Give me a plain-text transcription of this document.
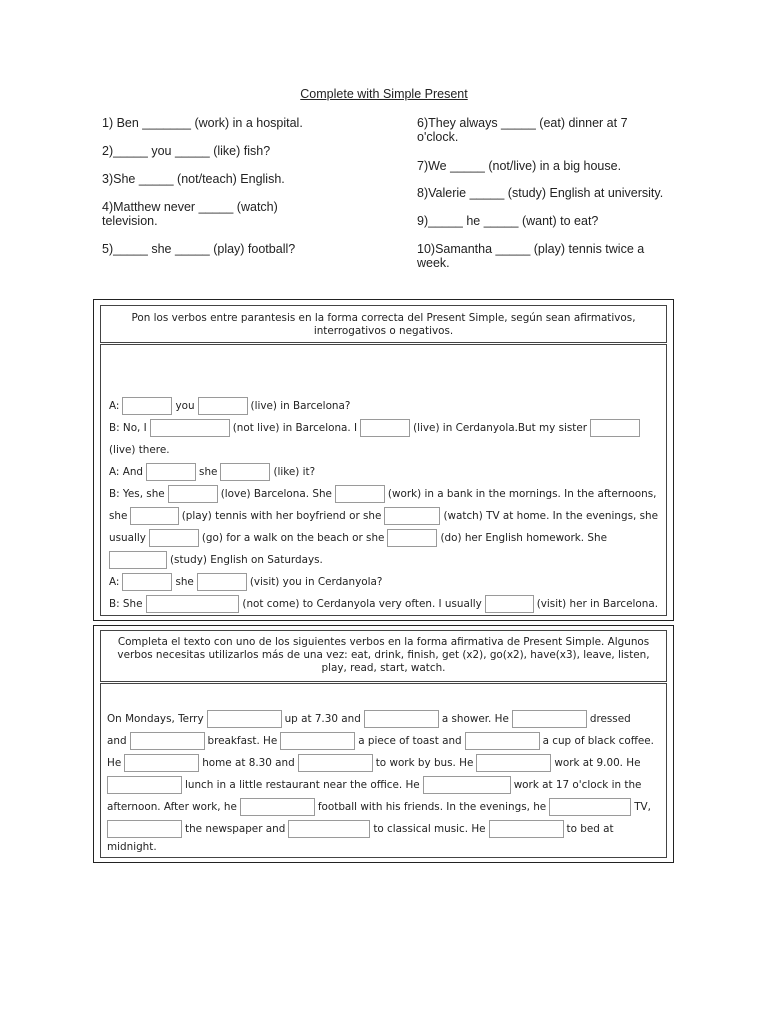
Complete with Simple Present

1) Ben _______ (work) in a hospital.

2)_____ you _____ (like) fish?

3)She _____ (not/teach) English.

4)Matthew never _____ (watch) television.

5)_____ she _____ (play) football?

6)They always _____ (eat) dinner at 7 o'clock.

7)We _____ (not/live) in a big house.

8)Valerie _____ (study) English at university.

9)_____ he _____ (want) to eat?

10)Samantha _____ (play) tennis twice a week.

Pon los verbos entre parantesis en la forma correcta del Present Simple, según sean afirmativos, interrogativos o negativos.
A:	you	(live) in Barcelona?
B: No, I	(not live) in Barcelona. I	(live) in Cerdanyola.But my sister
(live) there.
A: And	she	(like) it?
B: Yes, she	(love) Barcelona. She	(work) in a bank in the mornings. In the afternoons,
she	(play) tennis with her boyfriend or she	(watch) TV at home. In the evenings, she
usually	(go) for a walk on the beach or she	(do) her English homework. She
(study) English on Saturdays.
A:	she	(visit) you in Cerdanyola?
B: She	(not come) to Cerdanyola very often. I usually	(visit) her in Barcelona.
Completa el texto con uno de los siguientes verbos en la forma afirmativa de Present Simple. Algunos verbos necesitas utilizarlos más de una vez: eat, drink, finish, get (x2), go(x2), have(x3), leave, listen, play, read, start, watch.
On Mondays, Terry	up at 7.30 and	a shower. He	dressed
and	breakfast. He	a piece of toast and	a cup of black coffee.
He	home at 8.30 and	to work by bus. He	work at 9.00. He
lunch in a little restaurant near the office. He	work at 17 o'clock in the
afternoon. After work, he	football with his friends. In the evenings, he	TV,
the newspaper and	to classical music. He	to bed at
midnight.
